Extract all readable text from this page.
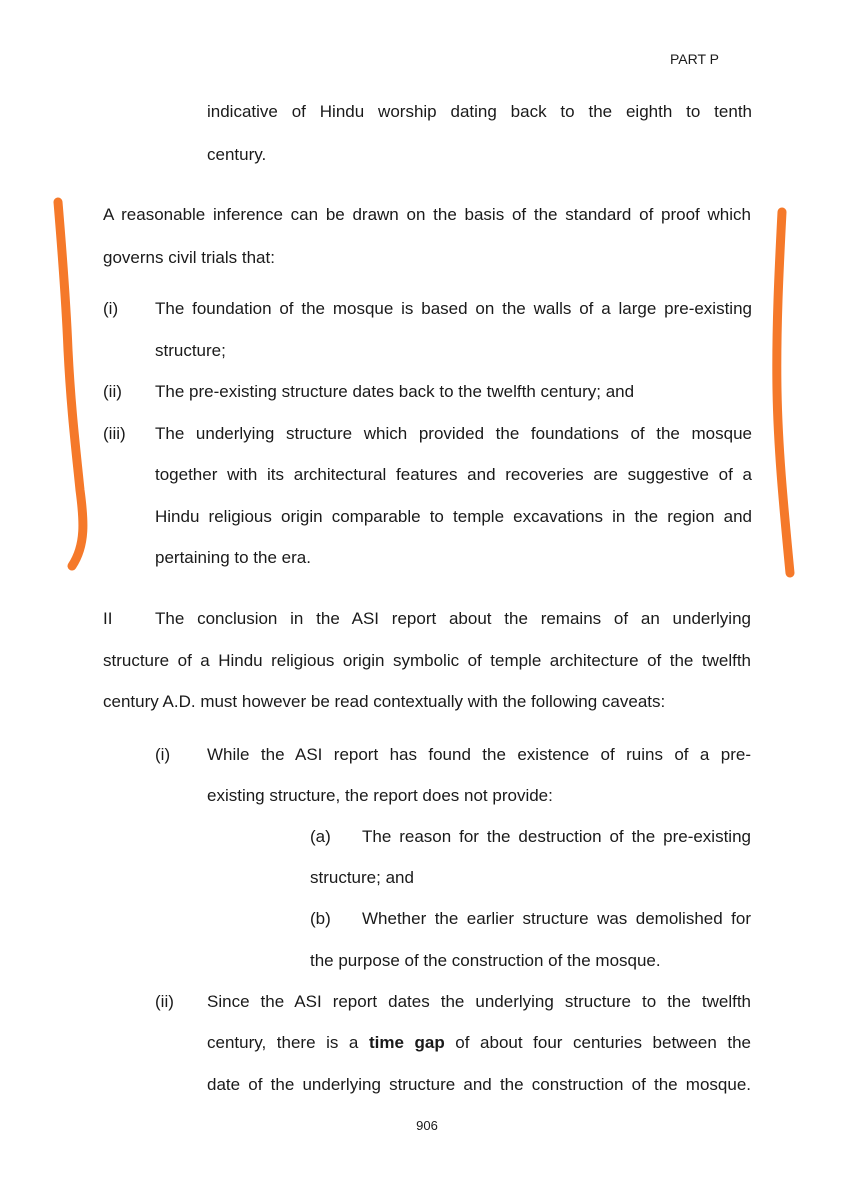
PART P
indicative of Hindu worship dating back to the eighth to tenth
century.
A reasonable inference can be drawn on the basis of the standard of proof which
governs civil trials that:
(i) The foundation of the mosque is based on the walls of a large pre-existing
structure;
(ii) The pre-existing structure dates back to the twelfth century; and
(iii) The underlying structure which provided the foundations of the mosque
together with its architectural features and recoveries are suggestive of a
Hindu religious origin comparable to temple excavations in the region and
pertaining to the era.
II	The conclusion in the ASI report about the remains of an underlying
structure of a Hindu religious origin symbolic of temple architecture of the twelfth
century A.D. must however be read contextually with the following caveats:
(i) While the ASI report has found the existence of ruins of a pre-
existing structure, the report does not provide:
(a) The reason for the destruction of the pre-existing
structure; and
(b) Whether the earlier structure was demolished for
the purpose of the construction of the mosque.
(ii) Since the ASI report dates the underlying structure to the twelfth
century, there is a time gap of about four centuries between the
date of the underlying structure and the construction of the mosque.
906
